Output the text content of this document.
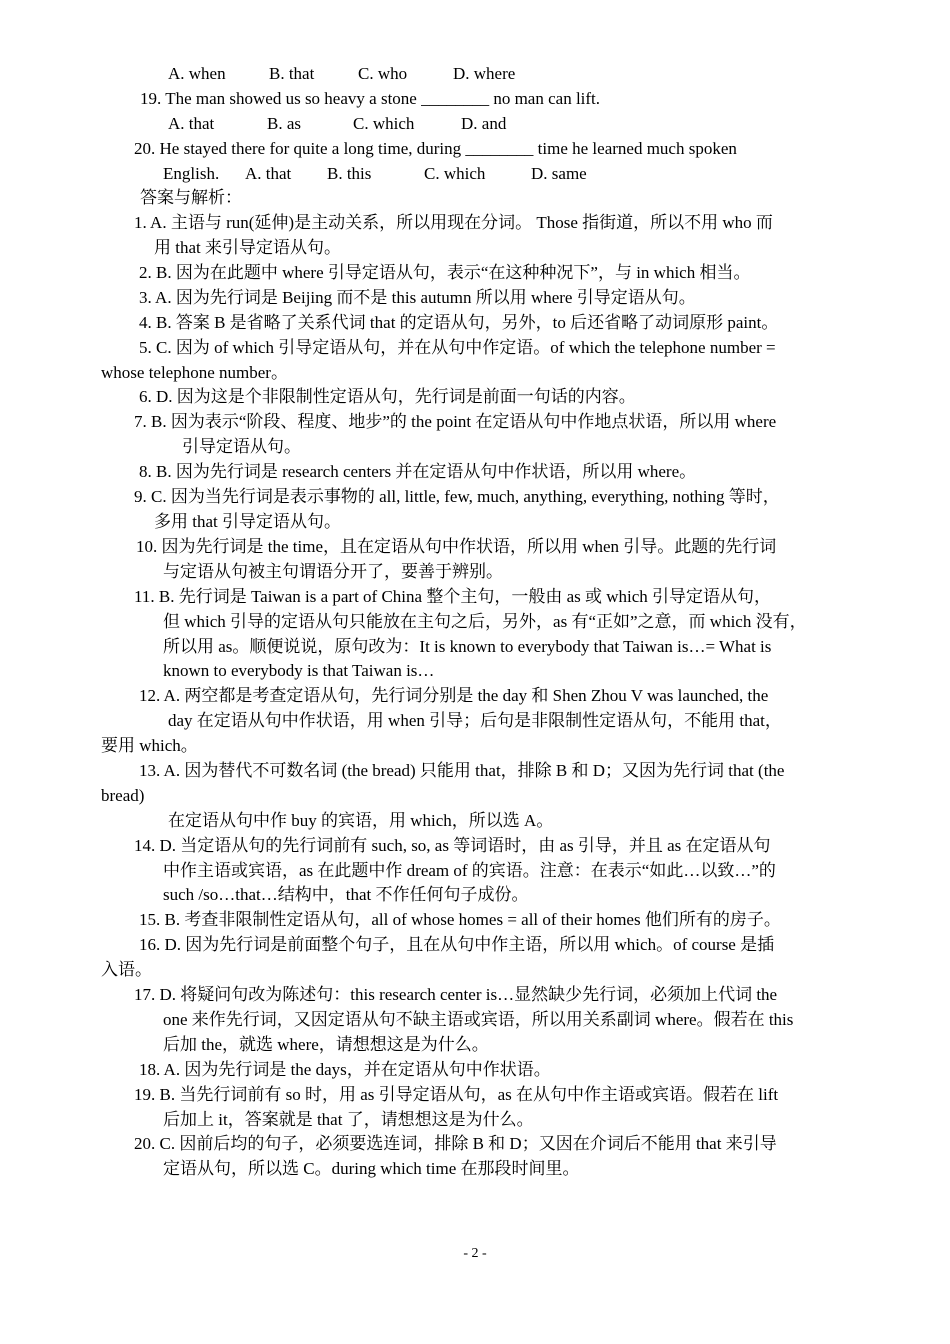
A. when	B. that	C. who	D. where
19. The man showed us so heavy a stone ________ no man can lift.
A. that	B. as	C. which	D. and
20. He stayed there for quite a long time, during ________ time he learned much spoken
English. A. that B. this	C. which	D. same
答案与解析：
1. A. 主语与 run(延伸)是主动关系，所以用现在分词。 Those 指街道，所以不用 who 而
用 that 来引导定语从句。
2. B. 因为在此题中 where 引导定语从句，表示“在这种种况下”，与 in which 相当。
3. A. 因为先行词是 Beijing 而不是 this autumn 所以用 where 引导定语从句。
4. B. 答案 B 是省略了关系代词 that 的定语从句，另外，to 后还省略了动词原形 paint。
5. C. 因为 of which 引导定语从句，并在从句中作定语。of which the telephone number =
whose telephone number。
6. D. 因为这是个非限制性定语从句，先行词是前面一句话的内容。
7. B. 因为表示“阶段、程度、地步”的 the point 在定语从句中作地点状语，所以用 where
引导定语从句。
8. B. 因为先行词是 research centers 并在定语从句中作状语，所以用 where。
9. C. 因为当先行词是表示事物的 all, little, few, much, anything, everything, nothing 等时，
多用 that 引导定语从句。
10. 因为先行词是 the time，且在定语从句中作状语，所以用 when 引导。此题的先行词
与定语从句被主句谓语分开了，要善于辨别。
11. B. 先行词是 Taiwan is a part of China 整个主句，一般由 as 或 which 引导定语从句，
但 which 引导的定语从句只能放在主句之后，另外，as 有“正如”之意，而 which 没有，
所以用 as。顺便说说，原句改为：It is known to everybody that Taiwan is…= What is
known to everybody is that Taiwan is…
12. A. 两空都是考查定语从句，先行词分别是 the day 和 Shen Zhou V was launched, the
day 在定语从句中作状语，用 when 引导；后句是非限制性定语从句，不能用 that，
要用 which。
13. A. 因为替代不可数名词 (the bread) 只能用 that，排除 B 和 D；又因为先行词 that (the
bread)
在定语从句中作 buy 的宾语，用 which，所以选 A。
14. D. 当定语从句的先行词前有 such, so, as 等词语时，由 as 引导，并且 as 在定语从句
中作主语或宾语，as 在此题中作 dream of 的宾语。注意：在表示“如此…以致…”的
such /so…that…结构中，that 不作任何句子成份。
15. B. 考查非限制性定语从句，all of whose homes = all of their homes 他们所有的房子。
16. D. 因为先行词是前面整个句子，且在从句中作主语，所以用 which。of course 是插
入语。
17. D. 将疑问句改为陈述句：this research center is…显然缺少先行词，必须加上代词 the
one 来作先行词，又因定语从句不缺主语或宾语，所以用关系副词 where。假若在 this
后加 the，就选 where，请想想这是为什么。
18. A. 因为先行词是 the days，并在定语从句中作状语。
19. B. 当先行词前有 so 时，用 as 引导定语从句，as 在从句中作主语或宾语。假若在 lift
后加上 it，答案就是 that 了，请想想这是为什么。
20. C. 因前后均的句子，必须要选连词，排除 B 和 D；又因在介词后不能用 that 来引导
定语从句，所以选 C。during which time 在那段时间里。
- 2 -
